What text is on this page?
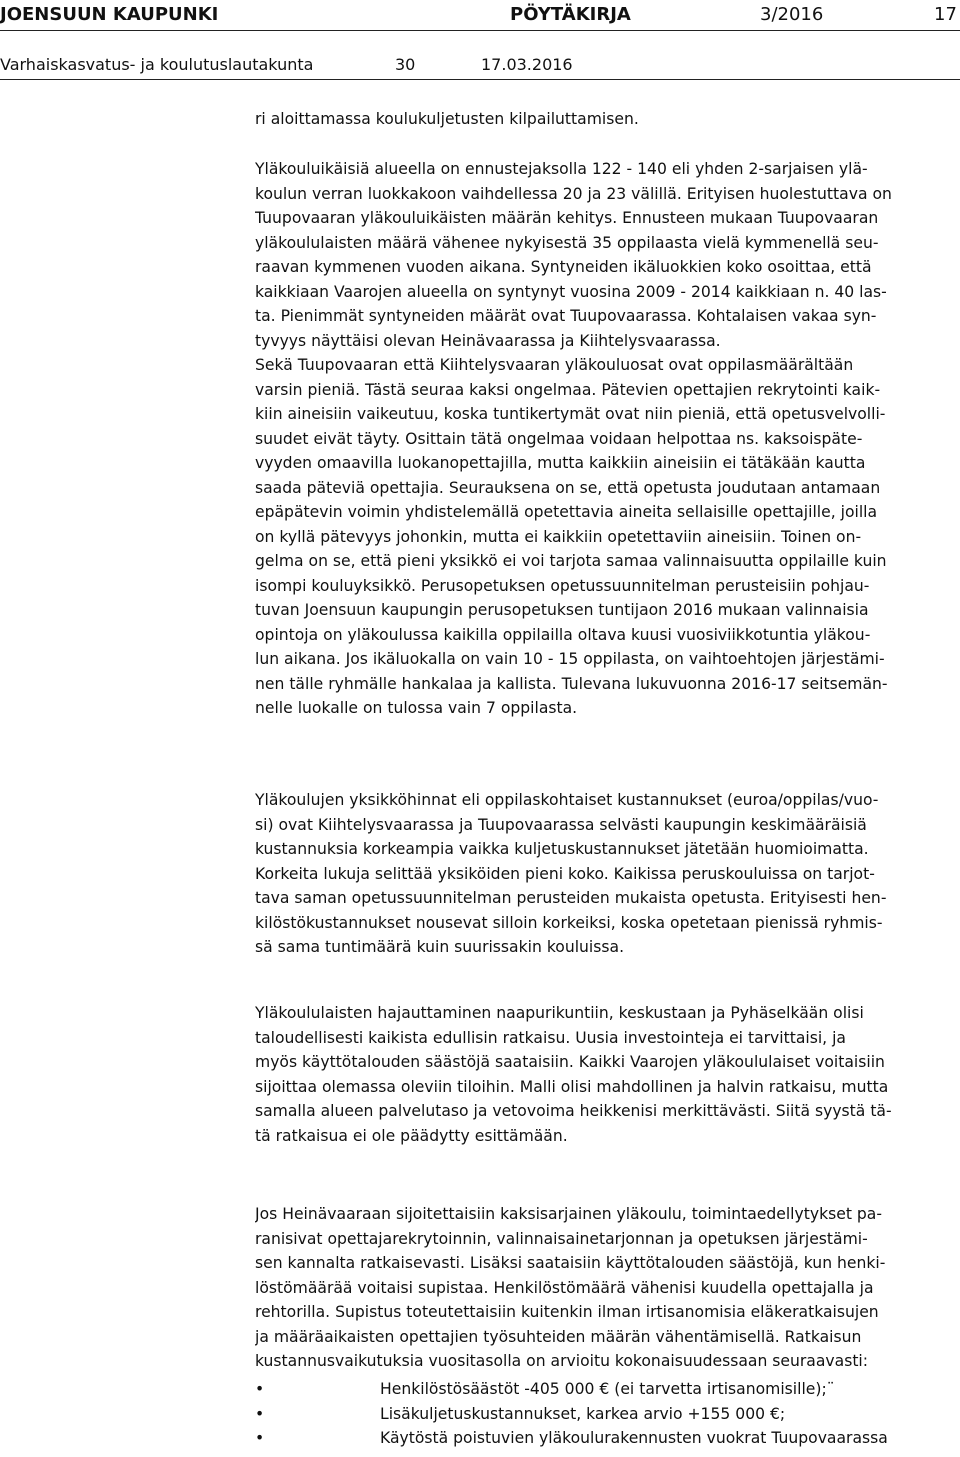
JOENSUUN KAUPUNKI	PÖYTÄKIRJA	3/2016	17
Varhaiskasvatus- ja koulutuslautakunta	30	17.03.2016
ri aloittamassa koulukuljetusten kilpailuttamisen.
Yläkouluikäisiä alueella on ennustejaksolla 122 - 140 eli yhden 2-sarjaisen ylä-
koulun verran luokkakoon vaihdellessa 20 ja 23 välillä. Erityisen huolestuttava on
Tuupovaaran yläkouluikäisten määrän kehitys. Ennusteen mukaan Tuupovaaran
yläkoululaisten määrä vähenee nykyisestä 35 oppilaasta vielä kymmenellä seu-
raavan kymmenen vuoden aikana. Syntyneiden ikäluokkien koko osoittaa, että
kaikkiaan Vaarojen alueella on syntynyt vuosina 2009 - 2014 kaikkiaan n. 40 las-
ta. Pienimmät syntyneiden määrät ovat Tuupovaarassa. Kohtalaisen vakaa syn-
tyvyys näyttäisi olevan Heinävaarassa ja Kiihtelysvaarassa.
Sekä Tuupovaaran että Kiihtelysvaaran yläkouluosat ovat oppilasmäärältään
varsin pieniä. Tästä seuraa kaksi ongelmaa. Pätevien opettajien rekrytointi kaik-
kiin aineisiin vaikeutuu, koska tuntikertymät ovat niin pieniä, että opetusvelvolli-
suudet eivät täyty. Osittain tätä ongelmaa voidaan helpottaa ns. kaksoispäte-
vyyden omaavilla luokanopettajilla, mutta kaikkiin aineisiin ei tätäkään kautta
saada päteviä opettajia. Seurauksena on se, että opetusta joudutaan antamaan
epäpätevin voimin yhdistelemällä opetettavia aineita sellaisille opettajille, joilla
on kyllä pätevyys johonkin, mutta ei kaikkiin opetettaviin aineisiin. Toinen on-
gelma on se, että pieni yksikkö ei voi tarjota samaa valinnaisuutta oppilaille kuin
isompi kouluyksikkö. Perusopetuksen opetussuunnitelman perusteisiin pohjau-
tuvan Joensuun kaupungin perusopetuksen tuntijaon 2016 mukaan valinnaisia
opintoja on yläkoulussa kaikilla oppilailla oltava kuusi vuosiviikkotuntia yläkou-
lun aikana. Jos ikäluokalla on vain 10 - 15 oppilasta, on vaihtoehtojen järjestämi-
nen tälle ryhmälle hankalaa ja kallista. Tulevana lukuvuonna 2016-17 seitsemän-
nelle luokalle on tulossa vain 7 oppilasta.
Yläkoulujen yksikköhinnat eli oppilaskohtaiset kustannukset (euroa/oppilas/vuo-
si) ovat Kiihtelysvaarassa ja Tuupovaarassa selvästi kaupungin keskimääräisiä
kustannuksia korkeampia vaikka kuljetuskustannukset jätetään huomioimatta.
Korkeita lukuja selittää yksiköiden pieni koko. Kaikissa peruskouluissa on tarjot-
tava saman opetussuunnitelman perusteiden mukaista opetusta. Erityisesti hen-
kilöstökustannukset nousevat silloin korkeiksi, koska opetetaan pienissä ryhmis-
sä sama tuntimäärä kuin suurissakin kouluissa.
Yläkoululaisten hajauttaminen naapurikuntiin, keskustaan ja Pyhäselkään olisi
taloudellisesti kaikista edullisin ratkaisu. Uusia investointeja ei tarvittaisi, ja
myös käyttötalouden säästöjä saataisiin. Kaikki Vaarojen yläkoululaiset voitaisiin
sijoittaa olemassa oleviin tiloihin. Malli olisi mahdollinen ja halvin ratkaisu, mutta
samalla alueen palvelutaso ja vetovoima heikkenisi merkittävästi. Siitä syystä tä-
tä ratkaisua ei ole päädytty esittämään.
Jos Heinävaaraan sijoitettaisiin kaksisarjainen yläkoulu, toimintaedellytykset pa-
ranisivat opettajarekrytoinnin, valinnaisainetarjonnan ja opetuksen järjestämi-
sen kannalta ratkaisevasti. Lisäksi saataisiin käyttötalouden säästöjä, kun henki-
löstömäärää voitaisi supistaa. Henkilöstömäärä vähenisi kuudella opettajalla ja
rehtorilla. Supistus toteutettaisiin kuitenkin ilman irtisanomisia eläkeratkaisujen
ja määräaikaisten opettajien työsuhteiden määrän vähentämisellä. Ratkaisun
kustannusvaikutuksia vuositasolla on arvioitu kokonaisuudessaan seuraavasti:
•	Henkilöstösäästöt -405 000 € (ei tarvetta irtisanomisille);¨
•	Lisäkuljetuskustannukset, karkea arvio +155 000 €;
•	Käytöstä poistuvien yläkoulurakennusten vuokrat Tuupovaarassa
